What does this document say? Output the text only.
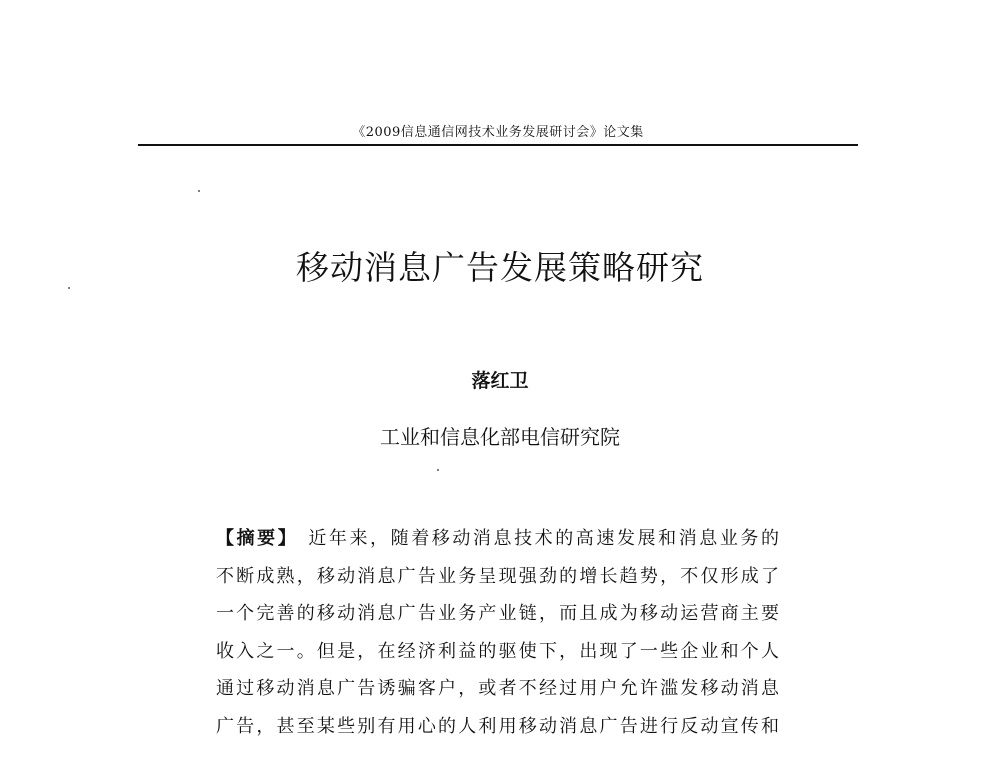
《2009信息通信网技术业务发展研讨会》论文集
移动消息广告发展策略研究
落红卫
工业和信息化部电信研究院
【摘要】 近年来，随着移动消息技术的高速发展和消息业务的
不断成熟，移动消息广告业务呈现强劲的增长趋势，不仅形成了
一个完善的移动消息广告业务产业链，而且成为移动运营商主要
收入之一。但是，在经济利益的驱使下，出现了一些企业和个人
通过移动消息广告诱骗客户，或者不经过用户允许滥发移动消息
广告，甚至某些别有用心的人利用移动消息广告进行反动宣传和
